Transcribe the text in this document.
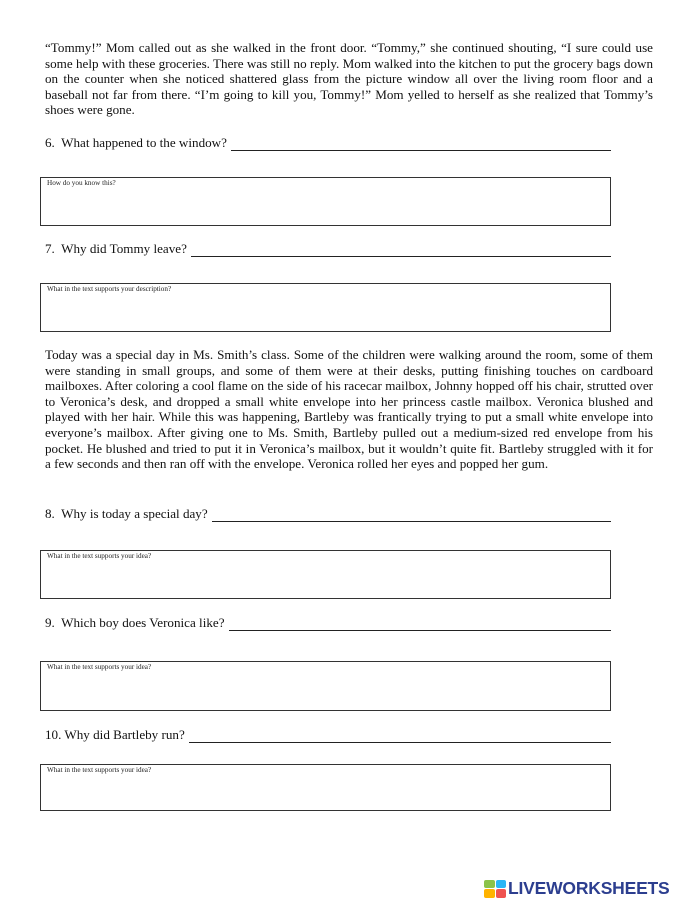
“Tommy!” Mom called out as she walked in the front door. “Tommy,” she continued shouting, “I sure could use some help with these groceries. There was still no reply. Mom walked into the kitchen to put the grocery bags down on the counter when she noticed shattered glass from the picture window all over the living room floor and a baseball not far from there. “I’m going to kill you, Tommy!” Mom yelled to herself as she realized that Tommy’s shoes were gone.

6.  What happened to the window?
How do you know this?
7.  Why did Tommy leave?
What in the text supports your description?

Today was a special day in Ms. Smith’s class. Some of the children were walking around the room, some of them were standing in small groups, and some of them were at their desks, putting finishing touches on cardboard mailboxes. After coloring a cool flame on the side of his racecar mailbox, Johnny hopped off his chair, strutted over to Veronica’s desk, and dropped a small white envelope into her princess castle mailbox. Veronica blushed and played with her hair. While this was happening, Bartleby was frantically trying to put a small white envelope into everyone’s mailbox. After giving one to Ms. Smith, Bartleby pulled out a medium-sized red envelope from his pocket. He blushed and tried to put it in Veronica’s mailbox, but it wouldn’t quite fit. Bartleby struggled with it for a few seconds and then ran off with the envelope. Veronica rolled her eyes and popped her gum.

8.  Why is today a special day?
What in the text supports your idea?
9.  Which boy does Veronica like?
What in the text supports your idea?
10. Why did Bartleby run?
What in the text supports your idea?
LIVEWORKSHEETS
